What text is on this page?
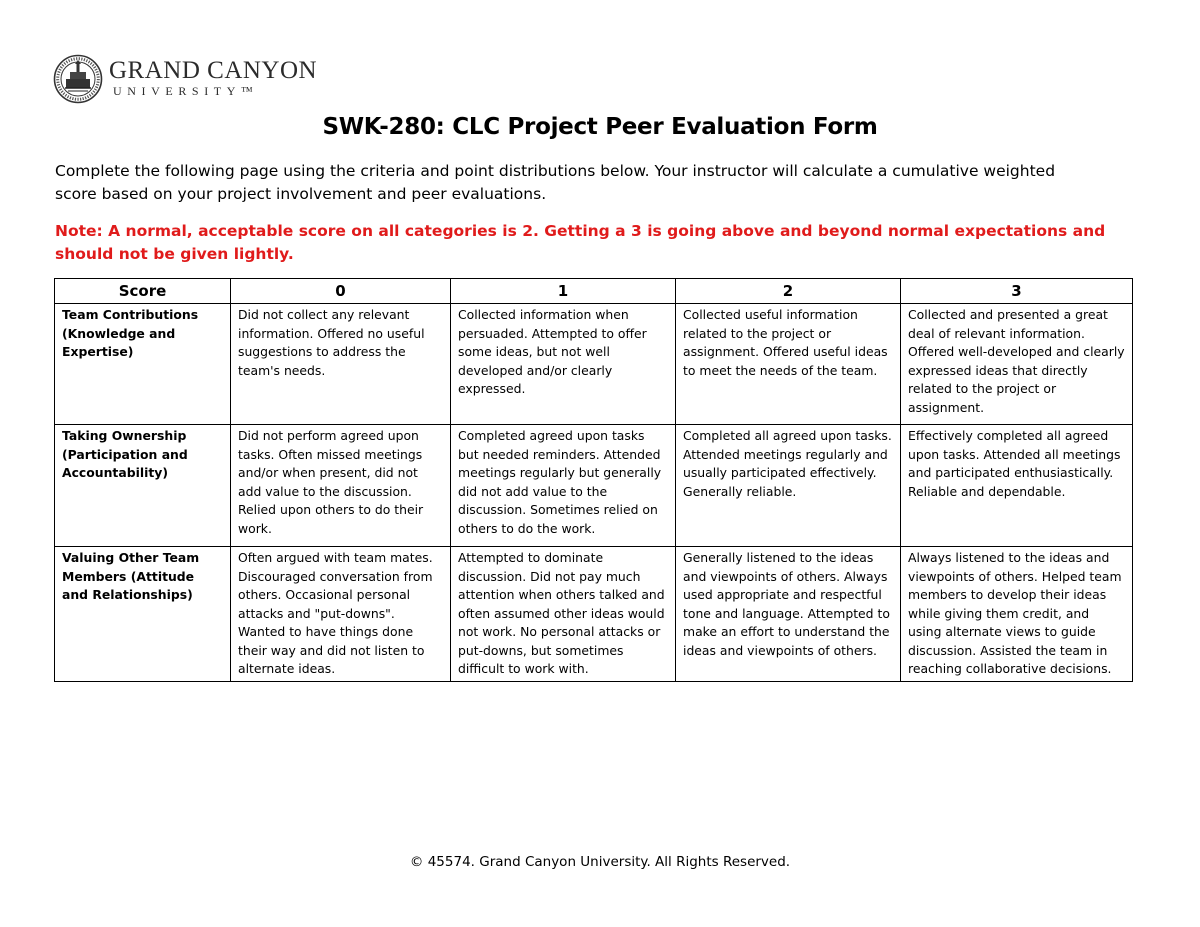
GRAND CANYON
UNIVERSITY™
SWK-280: CLC Project Peer Evaluation Form
Complete the following page using the criteria and point distributions below. Your instructor will calculate a cumulative weighted score based on your project involvement and peer evaluations.
Note: A normal, acceptable score on all categories is 2. Getting a 3 is going above and beyond normal expectations and should not be given lightly.
Score	0	1	2	3
Team Contributions (Knowledge and Expertise)	Did not collect any relevant information. Offered no useful suggestions to address the team's needs.	Collected information when persuaded. Attempted to offer some ideas, but not well developed and/or clearly expressed.	Collected useful information related to the project or assignment. Offered useful ideas to meet the needs of the team.	Collected and presented a great deal of relevant information. Offered well-developed and clearly expressed ideas that directly related to the project or assignment.
Taking Ownership (Participation and Accountability)	Did not perform agreed upon tasks. Often missed meetings and/or when present, did not add value to the discussion. Relied upon others to do their work.	Completed agreed upon tasks but needed reminders. Attended meetings regularly but generally did not add value to the discussion. Sometimes relied on others to do the work.	Completed all agreed upon tasks. Attended meetings regularly and usually participated effectively. Generally reliable.	Effectively completed all agreed upon tasks. Attended all meetings and participated enthusiastically. Reliable and dependable.
Valuing Other Team Members (Attitude and Relationships)	Often argued with team mates. Discouraged conversation from others. Occasional personal attacks and "put-downs". Wanted to have things done their way and did not listen to alternate ideas.	Attempted to dominate discussion. Did not pay much attention when others talked and often assumed other ideas would not work. No personal attacks or put-downs, but sometimes difficult to work with.	Generally listened to the ideas and viewpoints of others. Always used appropriate and respectful tone and language. Attempted to make an effort to understand the ideas and viewpoints of others.	Always listened to the ideas and viewpoints of others. Helped team members to develop their ideas while giving them credit, and using alternate views to guide discussion. Assisted the team in reaching collaborative decisions.
© 45574. Grand Canyon University. All Rights Reserved.
